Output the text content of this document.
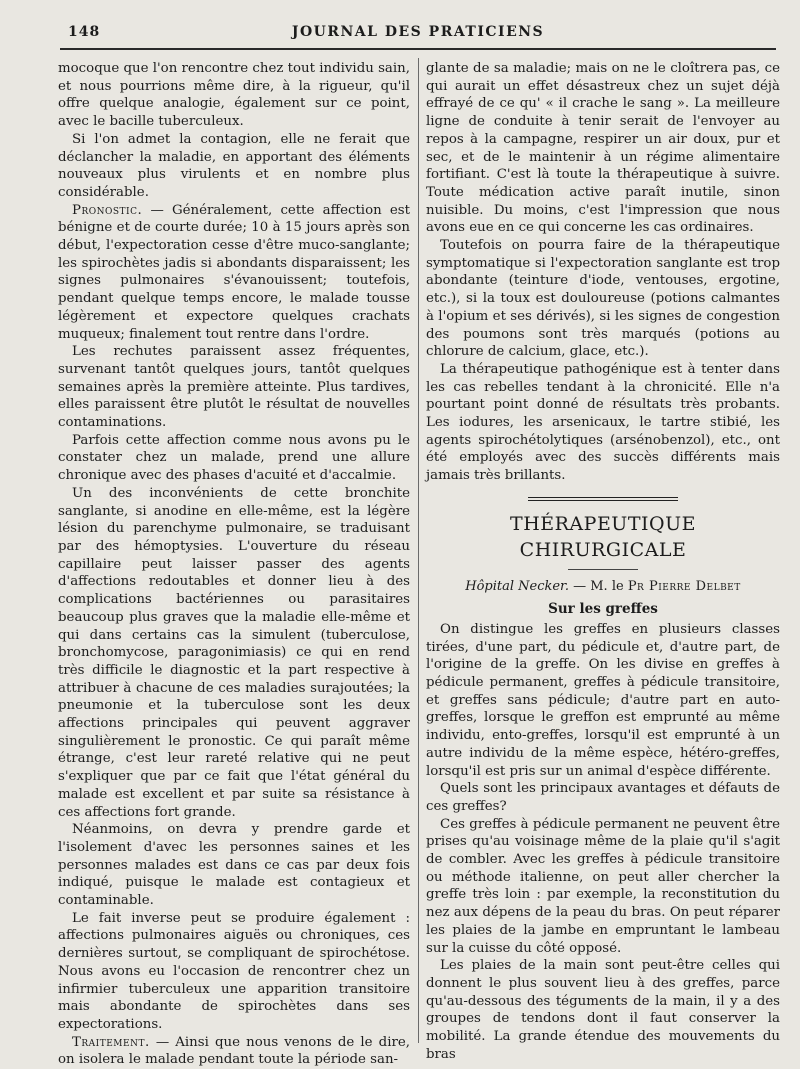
148	JOURNAL DES PRATICIENS

mocoque que l'on rencontre chez tout individu sain, et nous pourrions même dire, à la rigueur, qu'il offre quelque analogie, également sur ce point, avec le bacille tuberculeux.

Si l'on admet la contagion, elle ne ferait que déclancher la maladie, en apportant des éléments nouveaux plus virulents et en nombre plus considérable.

Pronostic. — Généralement, cette affection est bénigne et de courte durée; 10 à 15 jours après son début, l'expectoration cesse d'être muco-sanglante; les spirochètes jadis si abondants disparaissent; les signes pulmonaires s'évanouissent; toutefois, pendant quelque temps encore, le malade tousse légèrement et expectore quelques crachats muqueux; finalement tout rentre dans l'ordre.

Les rechutes paraissent assez fréquentes, survenant tantôt quelques jours, tantôt quelques semaines après la première atteinte. Plus tardives, elles paraissent être plutôt le résultat de nouvelles contaminations.

Parfois cette affection comme nous avons pu le constater chez un malade, prend une allure chronique avec des phases d'acuité et d'accalmie.

Un des inconvénients de cette bronchite sanglante, si anodine en elle-même, est la légère lésion du parenchyme pulmonaire, se traduisant par des hémoptysies. L'ouverture du réseau capillaire peut laisser passer des agents d'affections redoutables et donner lieu à des complications bactériennes ou parasitaires beaucoup plus graves que la maladie elle-même et qui dans certains cas la simulent (tuberculose, bronchomycose, paragonimiasis) ce qui en rend très difficile le diagnostic et la part respective à attribuer à chacune de ces maladies surajoutées; la pneumonie et la tuberculose sont les deux affections principales qui peuvent aggraver singulièrement le pronostic. Ce qui paraît même étrange, c'est leur rareté relative qui ne peut s'expliquer que par ce fait que l'état général du malade est excellent et par suite sa résistance à ces affections fort grande.

Néanmoins, on devra y prendre garde et l'isolement d'avec les personnes saines et les personnes malades est dans ce cas par deux fois indiqué, puisque le malade est contagieux et contaminable.

Le fait inverse peut se produire également : affections pulmonaires aiguës ou chroniques, ces dernières surtout, se compliquant de spirochétose. Nous avons eu l'occasion de rencontrer chez un infirmier tuberculeux une apparition transitoire mais abondante de spirochètes dans ses expectorations.

Traitement. — Ainsi que nous venons de le dire, on isolera le malade pendant toute la période san-

glante de sa maladie; mais on ne le cloîtrera pas, ce qui aurait un effet désastreux chez un sujet déjà effrayé de ce qu' « il crache le sang ». La meilleure ligne de conduite à tenir serait de l'envoyer au repos à la campagne, respirer un air doux, pur et sec, et de le maintenir à un régime alimentaire fortifiant. C'est là toute la thérapeutique à suivre. Toute médication active paraît inutile, sinon nuisible. Du moins, c'est l'impression que nous avons eue en ce qui concerne les cas ordinaires.

Toutefois on pourra faire de la thérapeutique symptomatique si l'expectoration sanglante est trop abondante (teinture d'iode, ventouses, ergotine, etc.), si la toux est douloureuse (potions calmantes à l'opium et ses dérivés), si les signes de congestion des poumons sont très marqués (potions au chlorure de calcium, glace, etc.).

La thérapeutique pathogénique est à tenter dans les cas rebelles tendant à la chronicité. Elle n'a pourtant point donné de résultats très probants. Les iodures, les arsenicaux, le tartre stibié, les agents spirochétolytiques (arsénobenzol), etc., ont été employés avec des succès différents mais jamais très brillants.

THÉRAPEUTIQUE CHIRURGICALE
Hôpital Necker. — M. le Pr Pierre Delbet
Sur les greffes

On distingue les greffes en plusieurs classes tirées, d'une part, du pédicule et, d'autre part, de l'origine de la greffe. On les divise en greffes à pédicule permanent, greffes à pédicule transitoire, et greffes sans pédicule; d'autre part en auto-greffes, lorsque le greffon est emprunté au même individu, ento-greffes, lorsqu'il est emprunté à un autre individu de la même espèce, hétéro-greffes, lorsqu'il est pris sur un animal d'espèce différente.

Quels sont les principaux avantages et défauts de ces greffes?

Ces greffes à pédicule permanent ne peuvent être prises qu'au voisinage même de la plaie qu'il s'agit de combler. Avec les greffes à pédicule transitoire ou méthode italienne, on peut aller chercher la greffe très loin : par exemple, la reconstitution du nez aux dépens de la peau du bras. On peut réparer les plaies de la jambe en empruntant le lambeau sur la cuisse du côté opposé.

Les plaies de la main sont peut-être celles qui donnent le plus souvent lieu à des greffes, parce qu'au-dessous des téguments de la main, il y a des groupes de tendons dont il faut conserver la mobilité. La grande étendue des mouvements du bras
